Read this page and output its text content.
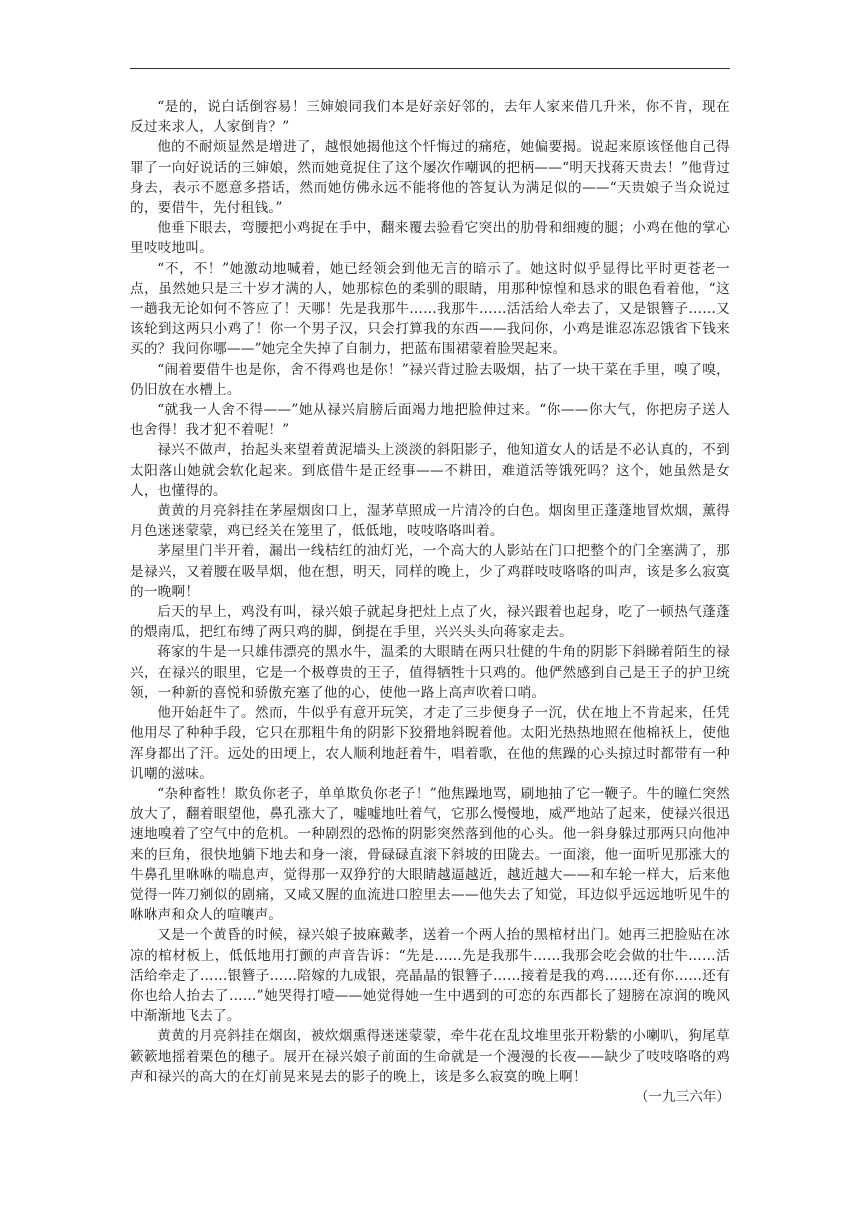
“是的，说白话倒容易！三婶娘同我们本是好亲好邻的，去年人家来借几升米，你不肯，现在反过来求人，人家倒肯？”

他的不耐烦显然是增进了，越恨她揭他这个忏悔过的痛疮，她偏要揭。说起来原该怪他自己得罪了一向好说话的三婶娘，然而她竟捉住了这个屡次作嘲讽的把柄——“明天找蒋天贵去！”他背过身去，表示不愿意多搭话，然而她仿佛永远不能将他的答复认为满足似的——“天贵娘子当众说过的，要借牛，先付租钱。”

他垂下眼去，弯腰把小鸡捉在手中，翻来覆去验看它突出的肋骨和细瘦的腿；小鸡在他的掌心里吱吱地叫。

“不，不！”她激动地喊着，她已经领会到他无言的暗示了。她这时似乎显得比平时更苍老一点，虽然她只是三十岁才满的人，她那棕色的柔驯的眼睛，用那种惊惶和恳求的眼色看着他，“这一趟我无论如何不答应了！天哪！先是我那牛……我那牛……活活给人牵去了，又是银簪子……又该轮到这两只小鸡了！你一个男子汉，只会打算我的东西——我问你，小鸡是谁忍冻忍饿省下钱来买的？我问你哪——”她完全失掉了自制力，把蓝布围裙蒙着脸哭起来。

“闹着要借牛也是你，舍不得鸡也是你！”禄兴背过脸去吸烟，拈了一块干菜在手里，嗅了嗅，仍旧放在水槽上。

“就我一人舍不得——”她从禄兴肩膀后面竭力地把脸伸过来。“你——你大气，你把房子送人也舍得！我才犯不着呢！”

禄兴不做声，抬起头来望着黄泥墙头上淡淡的斜阳影子，他知道女人的话是不必认真的，不到太阳落山她就会软化起来。到底借牛是正经事——不耕田，难道活等饿死吗？这个，她虽然是女人，也懂得的。

黄黄的月亮斜挂在茅屋烟囱口上，湿茅草照成一片清冷的白色。烟囱里正蓬蓬地冒炊烟，薰得月色迷迷蒙蒙，鸡已经关在笼里了，低低地，吱吱咯咯叫着。

茅屋里门半开着，漏出一线桔红的油灯光，一个高大的人影站在门口把整个的门全塞满了，那是禄兴，又着腰在吸旱烟，他在想，明天，同样的晚上，少了鸡群吱吱咯咯的叫声，该是多么寂寞的一晚啊！

后天的早上，鸡没有叫，禄兴娘子就起身把灶上点了火，禄兴跟着也起身，吃了一顿热气蓬蓬的煨南瓜，把红布缚了两只鸡的脚，倒提在手里，兴兴头头向蒋家走去。

蒋家的牛是一只雄伟漂亮的黑水牛，温柔的大眼睛在两只壮健的牛角的阴影下斜睇着陌生的禄兴，在禄兴的眼里，它是一个极尊贵的王子，值得牺牲十只鸡的。他俨然感到自己是王子的护卫统领，一种新的喜悦和骄傲充塞了他的心，使他一路上高声吹着口哨。

他开始赶牛了。然而，牛似乎有意开玩笑，才走了三步便身子一沉，伏在地上不肯起来，任凭他用尽了种种手段，它只在那粗牛角的阴影下狡猾地斜睨着他。太阳光热热地照在他棉袄上，使他浑身都出了汗。远处的田埂上，农人顺利地赶着牛，唱着歌，在他的焦躁的心头掠过时都带有一种讥嘲的滋味。

“杂种畜牲！欺负你老子，单单欺负你老子！”他焦躁地骂，刷地抽了它一鞭子。牛的瞳仁突然放大了，翻着眼望他，鼻孔涨大了，嘘嘘地吐着气，它那么慢慢地，威严地站了起来，使禄兴很迅速地嗅着了空气中的危机。一种剧烈的恐怖的阴影突然落到他的心头。他一斜身躲过那两只向他冲来的巨角，很快地躺下地去和身一滚，骨碌碌直滚下斜坡的田陇去。一面滚，他一面听见那涨大的牛鼻孔里咻咻的喘息声，觉得那一双狰狞的大眼睛越逼越近，越近越大——和车轮一样大，后来他觉得一阵刀剜似的剧痛，又咸又腥的血流进口腔里去——他失去了知觉，耳边似乎远远地听见牛的咻咻声和众人的喧嚷声。

又是一个黄昏的时候，禄兴娘子披麻戴孝，送着一个两人抬的黑棺材出门。她再三把脸贴在冰凉的棺材板上，低低地用打颤的声音告诉：“先是……先是我那牛……我那会吃会做的壮牛……活活给牵走了……银簪子……陪嫁的九成银，亮晶晶的银簪子……接着是我的鸡……还有你……还有你也给人抬去了……”她哭得打噎——她觉得她一生中遇到的可恋的东西都长了翅膀在凉润的晚风中渐渐地飞去了。

黄黄的月亮斜挂在烟囱，被炊烟熏得迷迷蒙蒙，牵牛花在乱坟堆里张开粉紫的小喇叭，狗尾草簌簌地摇着栗色的穗子。展开在禄兴娘子前面的生命就是一个漫漫的长夜——缺少了吱吱咯咯的鸡声和禄兴的高大的在灯前晃来晃去的影子的晚上，该是多么寂寞的晚上啊！

（一九三六年）
